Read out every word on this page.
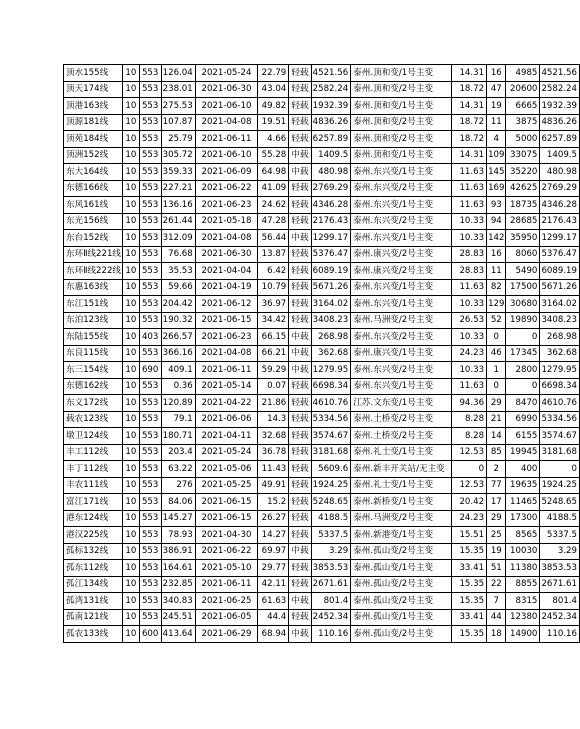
顶水155线	10	553	126.04	2021-05-24	22.79	轻载	4521.56	泰州.顶和变/1号主变	14.31	16	4985	4521.56
顶天174线	10	553	238.01	2021-06-30	43.04	轻载	2582.24	泰州.顶和变/2号主变	18.72	47	20600	2582.24
顶港163线	10	553	275.53	2021-06-10	49.82	轻载	1932.39	泰州.顶和变/1号主变	14.31	19	6665	1932.39
顶源181线	10	553	107.87	2021-04-08	19.51	轻载	4836.26	泰州.顶和变/2号主变	18.72	11	3875	4836.26
顶苑184线	10	553	25.79	2021-06-11	4.66	轻载	6257.89	泰州.顶和变/2号主变	18.72	4	5000	6257.89
顶洲152线	10	553	305.72	2021-06-10	55.28	中载	1409.5	泰州.顶和变/1号主变	14.31	109	33075	1409.5
东大164线	10	553	359.33	2021-06-09	64.98	中载	480.98	泰州.东兴变/1号主变	11.63	145	35220	480.98
东德166线	10	553	227.21	2021-06-22	41.09	轻载	2769.29	泰州.东兴变/2号主变	11.63	169	42625	2769.29
东风161线	10	553	136.16	2021-06-23	24.62	轻载	4346.28	泰州.东兴变/1号主变	11.63	93	18735	4346.28
东光156线	10	553	261.44	2021-05-18	47.28	轻载	2176.43	泰州.东兴变/2号主变	10.33	94	28685	2176.43
东台152线	10	553	312.09	2021-04-08	56.44	中载	1299.17	泰州.东兴变/1号主变	10.33	142	35950	1299.17
东环Ⅱ线221线	10	553	76.68	2021-06-30	13.87	轻载	5376.47	泰州.康兴变/2号主变	28.83	16	8060	5376.47
东环Ⅱ线222线	10	553	35.53	2021-04-04	6.42	轻载	6089.19	泰州.康兴变/2号主变	28.83	11	5490	6089.19
东惠163线	10	553	59.66	2021-04-19	10.79	轻载	5671.26	泰州.东兴变/1号主变	11.63	82	17500	5671.26
东江151线	10	553	204.42	2021-06-12	36.97	轻载	3164.02	泰州.东兴变/1号主变	10.33	129	30680	3164.02
东泊123线	10	553	190.32	2021-06-15	34.42	轻载	3408.23	泰州.马洲变/2号主变	26.53	52	19890	3408.23
东陆155线	10	403	266.57	2021-06-23	66.15	中载	268.98	泰州.东兴变/2号主变	10.33	0	0	268.98
东良115线	10	553	366.16	2021-04-08	66.21	中载	362.68	泰州.康兴变/1号主变	24.23	46	17345	362.68
东三154线	10	690	409.1	2021-06-11	59.29	中载	1279.95	泰州.东兴变/2号主变	10.33	1	2800	1279.95
东德162线	10	553	0.36	2021-05-14	0.07	轻载	6698.34	泰州.东兴变/1号主变	11.63	0	0	6698.34
东义172线	10	553	120.89	2021-04-22	21.86	轻载	4610.76	江苏.文东变/1号主变	94.36	29	8470	4610.76
载农123线	10	553	79.1	2021-06-06	14.3	轻载	5334.56	泰州.土桥变/2号主变	8.28	21	6990	5334.56
墩卫124线	10	553	180.71	2021-04-11	32.68	轻载	3574.67	泰州.土桥变/2号主变	8.28	14	6155	3574.67
丰工112线	10	553	203.4	2021-05-24	36.78	轻载	3181.68	泰州.礼士变/1号主变	12.53	85	19945	3181.68
丰丁112线	10	553	63.22	2021-05-06	11.43	轻载	5609.6	泰州.新丰开关站/无主变	0	2	400	0
丰农111线	10	553	276	2021-05-25	49.91	轻载	1924.25	泰州.礼士变/1号主变	12.53	77	19635	1924.25
富江171线	10	553	84.06	2021-06-15	15.2	轻载	5248.65	泰州.新桥变/1号主变	20.42	17	11465	5248.65
港东124线	10	553	145.27	2021-06-15	26.27	轻载	4188.5	泰州.马洲变/2号主变	24.23	29	17300	4188.5
港汉225线	10	553	78.93	2021-04-30	14.27	轻载	5337.5	泰州.新港变/1号主变	15.51	25	8565	5337.5
孤标132线	10	553	386.91	2021-06-22	69.97	中载	3.29	泰州.孤山变/2号主变	15.35	19	10030	3.29
孤东112线	10	553	164.61	2021-05-10	29.77	轻载	3853.53	泰州.孤山变/1号主变	33.41	51	11380	3853.53
孤江134线	10	553	232.85	2021-06-11	42.11	轻载	2671.61	泰州.孤山变/2号主变	15.35	22	8855	2671.61
孤湾131线	10	553	340.83	2021-06-25	61.63	中载	801.4	泰州.孤山变/2号主变	15.35	7	8315	801.4
孤南121线	10	553	245.51	2021-06-05	44.4	轻载	2452.34	泰州.孤山变/1号主变	33.41	44	12380	2452.34
孤农133线	10	600	413.64	2021-06-29	68.94	中载	110.16	泰州.孤山变/2号主变	15.35	18	14900	110.16
